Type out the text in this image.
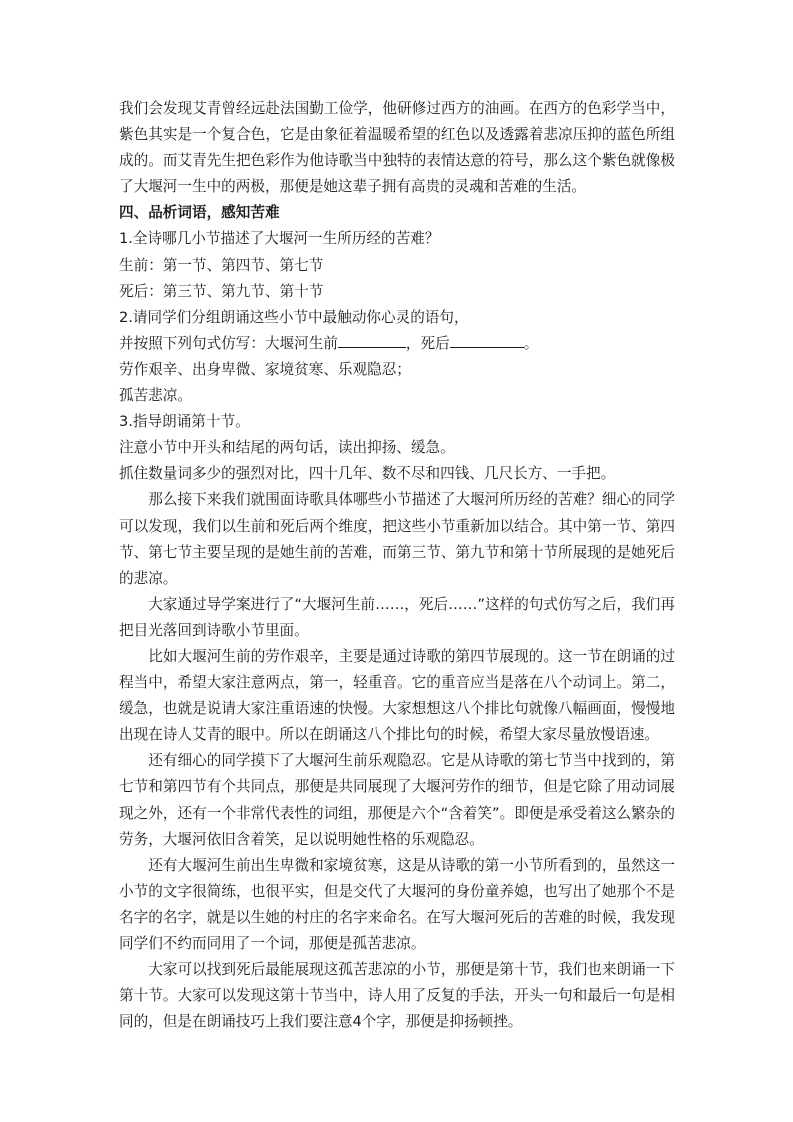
我们会发现艾青曾经远赴法国勤工俭学，他研修过西方的油画。在西方的色彩学当中，紫色其实是一个复合色，它是由象征着温暖希望的红色以及透露着悲凉压抑的蓝色所组成的。而艾青先生把色彩作为他诗歌当中独特的表情达意的符号，那么这个紫色就像极了大堰河一生中的两极，那便是她这辈子拥有高贵的灵魂和苦难的生活。

四、品析词语，感知苦难

1.全诗哪几小节描述了大堰河一生所历经的苦难？

生前：第一节、第四节、第七节

死后：第三节、第九节、第十节

2.请同学们分组朗诵这些小节中最触动你心灵的语句，

并按照下列句式仿写：大堰河生前	，死后	。

劳作艰辛、出身卑微、家境贫寒、乐观隐忍；

孤苦悲凉。

3.指导朗诵第十节。

注意小节中开头和结尾的两句话，读出抑扬、缓急。

抓住数量词多少的强烈对比，四十几年、数不尽和四钱、几尺长方、一手把。

那么接下来我们就围面诗歌具体哪些小节描述了大堰河所历经的苦难？细心的同学可以发现，我们以生前和死后两个维度，把这些小节重新加以结合。其中第一节、第四节、第七节主要呈现的是她生前的苦难，而第三节、第九节和第十节所展现的是她死后的悲凉。

大家通过导学案进行了“大堰河生前……，死后……”这样的句式仿写之后，我们再把目光落回到诗歌小节里面。

比如大堰河生前的劳作艰辛，主要是通过诗歌的第四节展现的。这一节在朗诵的过程当中，希望大家注意两点，第一，轻重音。它的重音应当是落在八个动词上。第二，缓急，也就是说请大家注重语速的快慢。大家想想这八个排比句就像八幅画面，慢慢地出现在诗人艾青的眼中。所以在朗诵这八个排比句的时候，希望大家尽量放慢语速。

还有细心的同学摸下了大堰河生前乐观隐忍。它是从诗歌的第七节当中找到的，第七节和第四节有个共同点，那便是共同展现了大堰河劳作的细节，但是它除了用动词展现之外，还有一个非常代表性的词组，那便是六个“含着笑”。即便是承受着这么繁杂的劳务，大堰河依旧含着笑，足以说明她性格的乐观隐忍。

还有大堰河生前出生卑微和家境贫寒，这是从诗歌的第一小节所看到的，虽然这一小节的文字很简练，也很平实，但是交代了大堰河的身份童养媳，也写出了她那个不是名字的名字，就是以生她的村庄的名字来命名。在写大堰河死后的苦难的时候，我发现同学们不约而同用了一个词，那便是孤苦悲凉。

大家可以找到死后最能展现这孤苦悲凉的小节，那便是第十节，我们也来朗诵一下第十节。大家可以发现这第十节当中，诗人用了反复的手法，开头一句和最后一句是相同的，但是在朗诵技巧上我们要注意4个字，那便是抑扬顿挫。
